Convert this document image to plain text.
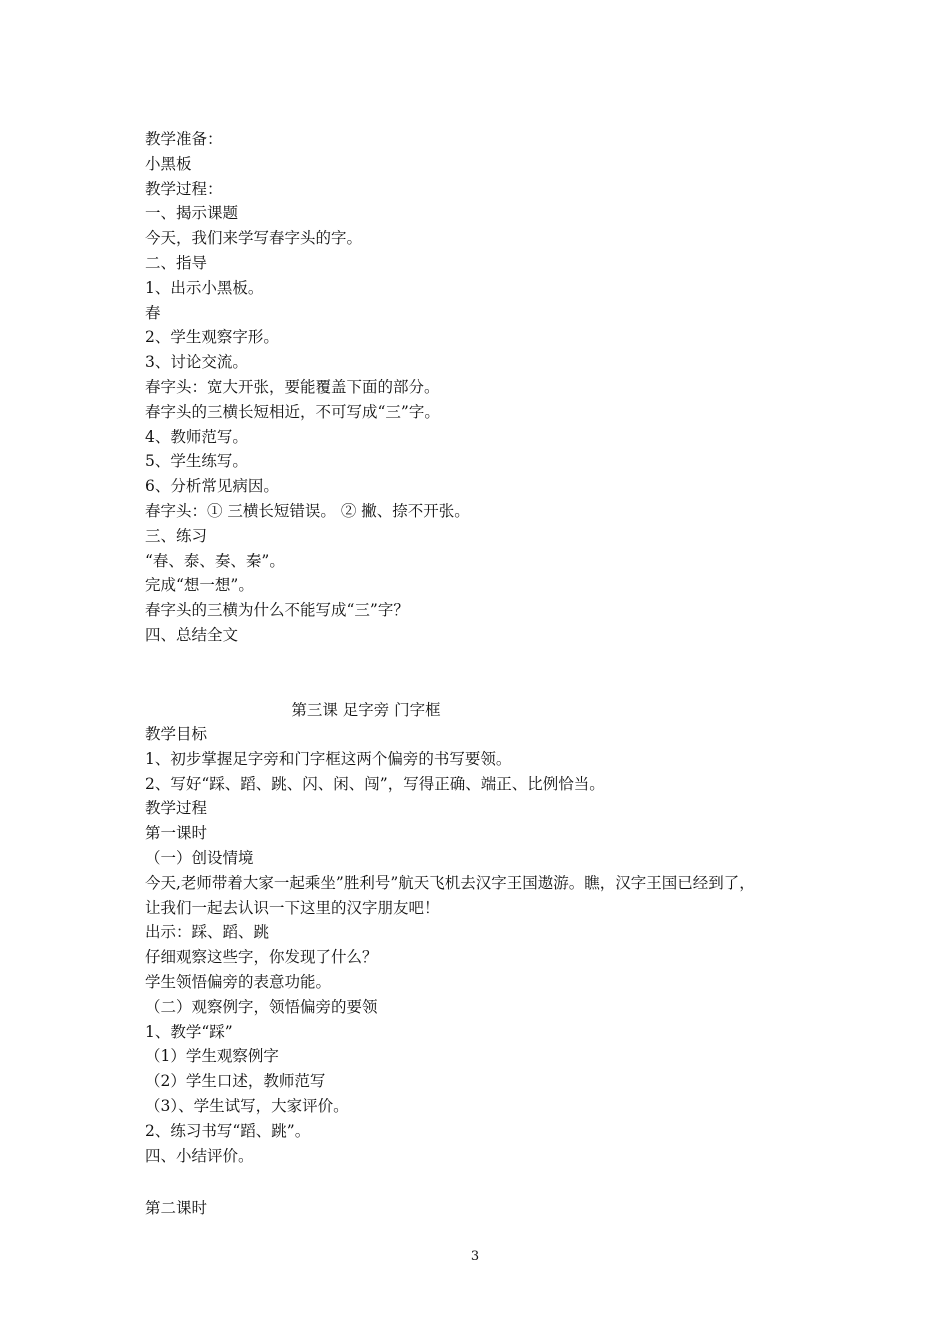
教学准备：
小黑板
教学过程：
一、揭示课题
今天，我们来学写春字头的字。
二、指导
1、出示小黑板。
春
2、学生观察字形。
3、讨论交流。
春字头：宽大开张，要能覆盖下面的部分。
春字头的三横长短相近，不可写成“三”字。
4、教师范写。
5、学生练写。
6、分析常见病因。
春字头：① 三横长短错误。 ② 撇、捺不开张。
三、练习
“春、泰、奏、秦”。
完成“想一想”。
春字头的三横为什么不能写成“三”字？
四、总结全文
第三课 足字旁 门字框
教学目标
1、初步掌握足字旁和门字框这两个偏旁的书写要领。
2、写好“踩、蹈、跳、闪、闲、闯”，写得正确、端正、比例恰当。
教学过程
第一课时
（一）创设情境
今天,老师带着大家一起乘坐”胜利号”航天飞机去汉字王国遨游。瞧，汉字王国已经到了，
让我们一起去认识一下这里的汉字朋友吧！
出示：踩、蹈、跳
仔细观察这些字，你发现了什么？
学生领悟偏旁的表意功能。
（二）观察例字，领悟偏旁的要领
1、教学“踩”
（1）学生观察例字
（2）学生口述，教师范写
（3）、学生试写，大家评价。
2、练习书写“蹈、跳”。
四、小结评价。
第二课时
3
